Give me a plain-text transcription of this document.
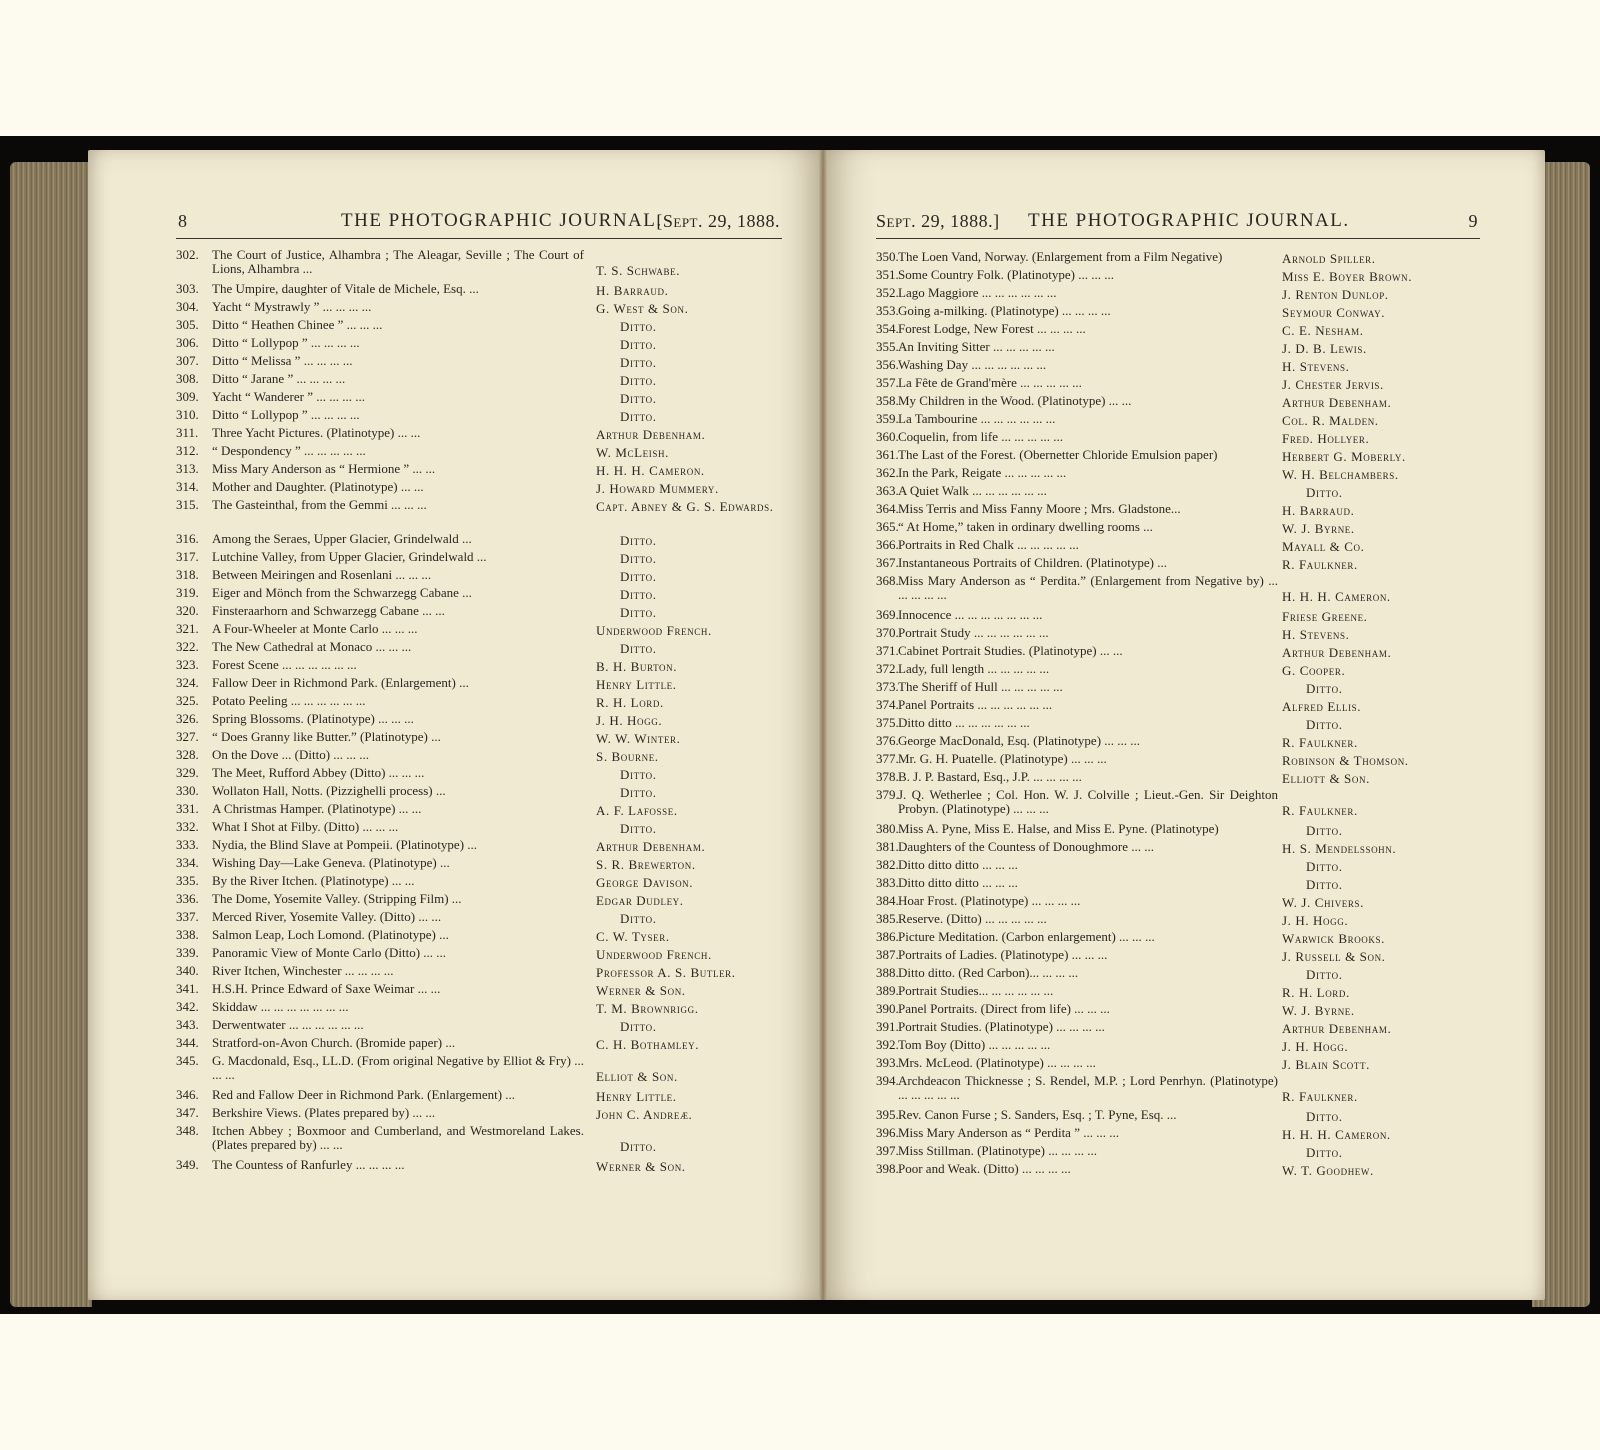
8	THE PHOTOGRAPHIC JOURNAL.
[Sept. 29, 1888.	Sept. 29, 1888.] THE PHOTOGRAPHIC JOURNAL.	9
302.	The Court of Justice, Alhambra ; The Aleagar, Seville ; The Court of Lions, Alhambra ...	T. S. Schwabe.
303.	The Umpire, daughter of Vitale de Michele, Esq. ...	H. Barraud.
304.	Yacht “ Mystrawly ” ... ... ... ...	G. West & Son.
305.	Ditto “ Heathen Chinee ” ... ... ...	Ditto.
306.	Ditto “ Lollypop ” ... ... ... ...	Ditto.
307.	Ditto “ Melissa ” ... ... ... ...	Ditto.
308.	Ditto “ Jarane ” ... ... ... ...	Ditto.
309.	Yacht “ Wanderer ” ... ... ... ...	Ditto.
310.	Ditto “ Lollypop ” ... ... ... ...	Ditto.
311.	Three Yacht Pictures. (Platinotype) ... ...	Arthur Debenham.
312.	“ Despondency ” ... ... ... ... ...	W. McLeish.
313.	Miss Mary Anderson as “ Hermione ” ... ...	H. H. H. Cameron.
314.	Mother and Daughter. (Platinotype) ... ...	J. Howard Mummery.
315.	The Gasteinthal, from the Gemmi ... ... ...	Capt. Abney & G. S. Edwards.
316.	Among the Seraes, Upper Glacier, Grindelwald ...	Ditto.
317.	Lutchine Valley, from Upper Glacier, Grindelwald ...	Ditto.
318.	Between Meiringen and Rosenlani ... ... ...	Ditto.
319.	Eiger and Mönch from the Schwarzegg Cabane ...	Ditto.
320.	Finsteraarhorn and Schwarzegg Cabane ... ...	Ditto.
321.	A Four-Wheeler at Monte Carlo ... ... ...	Underwood French.
322.	The New Cathedral at Monaco ... ... ...	Ditto.
323.	Forest Scene ... ... ... ... ... ...	B. H. Burton.
324.	Fallow Deer in Richmond Park. (Enlargement) ...	Henry Little.
325.	Potato Peeling ... ... ... ... ... ...	R. H. Lord.
326.	Spring Blossoms. (Platinotype) ... ... ...	J. H. Hogg.
327.	“ Does Granny like Butter.” (Platinotype) ...	W. W. Winter.
328.	On the Dove ... (Ditto) ... ... ...	S. Bourne.
329.	The Meet, Rufford Abbey (Ditto) ... ... ...	Ditto.
330.	Wollaton Hall, Notts. (Pizzighelli process) ...	Ditto.
331.	A Christmas Hamper. (Platinotype) ... ...	A. F. Lafosse.
332.	What I Shot at Filby. (Ditto) ... ... ...	Ditto.
333.	Nydia, the Blind Slave at Pompeii. (Platinotype) ...	Arthur Debenham.
334.	Wishing Day—Lake Geneva. (Platinotype) ...	S. R. Brewerton.
335.	By the River Itchen. (Platinotype) ... ...	George Davison.
336.	The Dome, Yosemite Valley. (Stripping Film) ...	Edgar Dudley.
337.	Merced River, Yosemite Valley. (Ditto) ... ...	Ditto.
338.	Salmon Leap, Loch Lomond. (Platinotype) ...	C. W. Tyser.
339.	Panoramic View of Monte Carlo (Ditto) ... ...	Underwood French.
340.	River Itchen, Winchester ... ... ... ...	Professor A. S. Butler.
341.	H.S.H. Prince Edward of Saxe Weimar ... ...	Werner & Son.
342.	Skiddaw ... ... ... ... ... ... ...	T. M. Brownrigg.
343.	Derwentwater ... ... ... ... ... ...	Ditto.
344.	Stratford-on-Avon Church. (Bromide paper) ...	C. H. Bothamley.
345.	G. Macdonald, Esq., LL.D. (From original Negative by Elliot & Fry) ... ... ...	Elliot & Son.
346.	Red and Fallow Deer in Richmond Park. (Enlargement) ...	Henry Little.
347.	Berkshire Views. (Plates prepared by) ... ...	John C. Andreæ.
348.	Itchen Abbey ; Boxmoor and Cumberland, and Westmoreland Lakes. (Plates prepared by) ... ...	Ditto.
349.	The Countess of Ranfurley ... ... ... ...	Werner & Son.
350. The Loen Vand, Norway. (Enlargement from a Film Negative)	Arnold Spiller.
351. Some Country Folk. (Platinotype) ... ... ...	Miss E. Boyer Brown.
352. Lago Maggiore ... ... ... ... ... ...	J. Renton Dunlop.
353. Going a-milking. (Platinotype) ... ... ... ...	Seymour Conway.
354. Forest Lodge, New Forest ... ... ... ...	C. E. Nesham.
355. An Inviting Sitter ... ... ... ... ...	J. D. B. Lewis.
356. Washing Day ... ... ... ... ... ...	H. Stevens.
357. La Fête de Grand'mère ... ... ... ... ...	J. Chester Jervis.
358. My Children in the Wood. (Platinotype) ... ...	Arthur Debenham.
359. La Tambourine ... ... ... ... ... ...	Col. R. Malden.
360. Coquelin, from life ... ... ... ... ...	Fred. Hollyer.
361. The Last of the Forest. (Obernetter Chloride Emulsion paper)	Herbert G. Moberly.
362. In the Park, Reigate ... ... ... ... ...	W. H. Belchambers.
363. A Quiet Walk ... ... ... ... ... ...	Ditto.
364. Miss Terris and Miss Fanny Moore ; Mrs. Gladstone...	H. Barraud.
365. “ At Home,” taken in ordinary dwelling rooms ...	W. J. Byrne.
366. Portraits in Red Chalk ... ... ... ... ...	Mayall & Co.
367. Instantaneous Portraits of Children. (Platinotype) ...	R. Faulkner.
368. Miss Mary Anderson as “ Perdita.” (Enlargement from Negative by) ... ... ... ... ...	H. H. H. Cameron.
369. Innocence ... ... ... ... ... ... ...	Friese Greene.
370. Portrait Study ... ... ... ... ... ...	H. Stevens.
371. Cabinet Portrait Studies. (Platinotype) ... ...	Arthur Debenham.
372. Lady, full length ... ... ... ... ...	G. Cooper.
373. The Sheriff of Hull ... ... ... ... ...	Ditto.
374. Panel Portraits ... ... ... ... ... ...	Alfred Ellis.
375. Ditto ditto ... ... ... ... ... ...	Ditto.
376. George MacDonald, Esq. (Platinotype) ... ... ...	R. Faulkner.
377. Mr. G. H. Puatelle. (Platinotype) ... ... ...	Robinson & Thomson.
378. B. J. P. Bastard, Esq., J.P. ... ... ... ...	Elliott & Son.
379. J. Q. Wetherlee ; Col. Hon. W. J. Colville ; Lieut.-Gen. Sir Deighton Probyn. (Platinotype) ... ... ...	R. Faulkner.
380. Miss A. Pyne, Miss E. Halse, and Miss E. Pyne. (Platinotype)	Ditto.
381. Daughters of the Countess of Donoughmore ... ...	H. S. Mendelssohn.
382. Ditto ditto ditto ... ... ...	Ditto.
383. Ditto ditto ditto ... ... ...	Ditto.
384. Hoar Frost. (Platinotype) ... ... ... ...	W. J. Chivers.
385. Reserve. (Ditto) ... ... ... ... ...	J. H. Hogg.
386. Picture Meditation. (Carbon enlargement) ... ... ...	Warwick Brooks.
387. Portraits of Ladies. (Platinotype) ... ... ...	J. Russell & Son.
388. Ditto ditto. (Red Carbon)... ... ... ...	Ditto.
389. Portrait Studies... ... ... ... ... ...	R. H. Lord.
390. Panel Portraits. (Direct from life) ... ... ...	W. J. Byrne.
391. Portrait Studies. (Platinotype) ... ... ... ...	Arthur Debenham.
392. Tom Boy (Ditto) ... ... ... ... ...	J. H. Hogg.
393. Mrs. McLeod. (Platinotype) ... ... ... ...	J. Blain Scott.
394. Archdeacon Thicknesse ; S. Rendel, M.P. ; Lord Penrhyn. (Platinotype) ... ... ... ... ...	R. Faulkner.
395. Rev. Canon Furse ; S. Sanders, Esq. ; T. Pyne, Esq. ...	Ditto.
396. Miss Mary Anderson as “ Perdita ” ... ... ...	H. H. H. Cameron.
397. Miss Stillman. (Platinotype) ... ... ... ...	Ditto.
398. Poor and Weak. (Ditto) ... ... ... ...	W. T. Goodhew.
